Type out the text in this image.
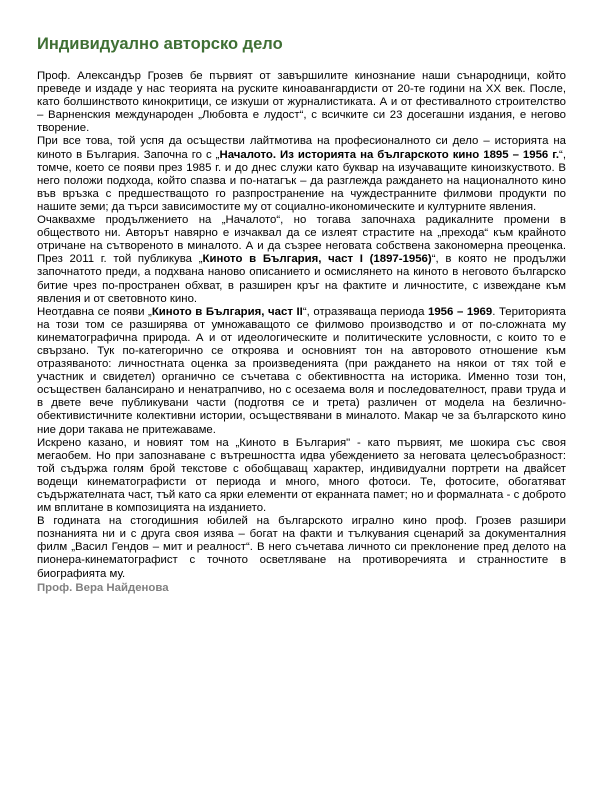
Индивидуално авторско дело

Проф. Александър Грозев бе първият от завършилите кинознание наши сънародници, който преведе и издаде у нас теорията на руските киноавангардисти от 20-те години на ХХ век. После, като болшинството кинокритици, се изкуши от журналистиката. А и от фестивалното строителство – Варненския международен „Любовта е лудост“, с всичките си 23 досегашни издания, е негово творение.

При все това, той успя да осъществи лайтмотива на професионалното си дело – историята на киното в България. Започна го с „Началото. Из историята на българското кино 1895 – 1956 г.“, томче, което се появи през 1985 г. и до днес служи като буквар на изучаващите киноизкуството. В него положи подхода, който спазва и по-натагък – да разглежда раждането на националното кино във връзка с предшестващото го разпространение на чуждестранните филмови продукти по нашите земи; да търси зависимостите му от социално-икономическите и културните явления.

Очаквахме продължението на „Началото“, но тогава започнаха радикалните промени в обществото ни. Авторът навярно е изчаквал да се излеят страстите на „прехода“ към крайното отричане на сътвореното в миналото. А и да съзрее неговата собствена закономерна преоценка. През 2011 г. той публикува „Киното в България, част I (1897-1956)“, в която не продължи започнатото преди, а подхвана наново описанието и осмислянето на киното в неговото българско битие чрез по-пространен обхват, в разширен кръг на фактите и личностите, с извеждане към явления и от световното кино.

Неотдавна се появи „Киното в България, част II“, отразяваща периода 1956 – 1969. Територията на този том се разширява от умножаващото се филмово производство и от по-сложната му кинематографична природа. А и от идеологическите и политическите условности, с които то е свързано. Тук по-категорично се откроява и основният тон на авторовото отношение към отразяваното: личностната оценка за произведенията (при раждането на някои от тях той е участник и свидетел) органично се съчетава с обективността на историка. Именно този тон, осъществен балансирано и ненатрапчиво, но с осезаема воля и последователност, прави труда и в двете вече публикувани части (подготвя се и трета) различен от модела на безлично-обективистичните колективни истории, осъществявани в миналото. Макар че за българското кино ние дори такава не притежаваме.

Искрено казано, и новият том на „Киното в България" - като първият, ме шокира със своя мегаобем. Но при запознаване с вътрешността идва убеждението за неговата целесъобразност: той съдържа голям брой текстове с обобщаващ характер, индивидуални портрети на двайсет водещи кинематографисти от периода и много, много фотоси. Те, фотосите, обогатяват съдържателната част, тъй като са ярки елементи от екранната памет; но и формалната - с доброто им вплитане в композицията на изданието.

В годината на стогодишния юбилей на българското игрално кино проф. Грозев разшири познанията ни и с друга своя изява – богат на факти и тълкувания сценарий за документалния филм „Васил Гендов – мит и реалност“. В него съчетава личното си преклонение пред делото на пионера-кинематографист с точното осветляване на противоречията и странностите в биографията му.

Проф. Вера Найденова
